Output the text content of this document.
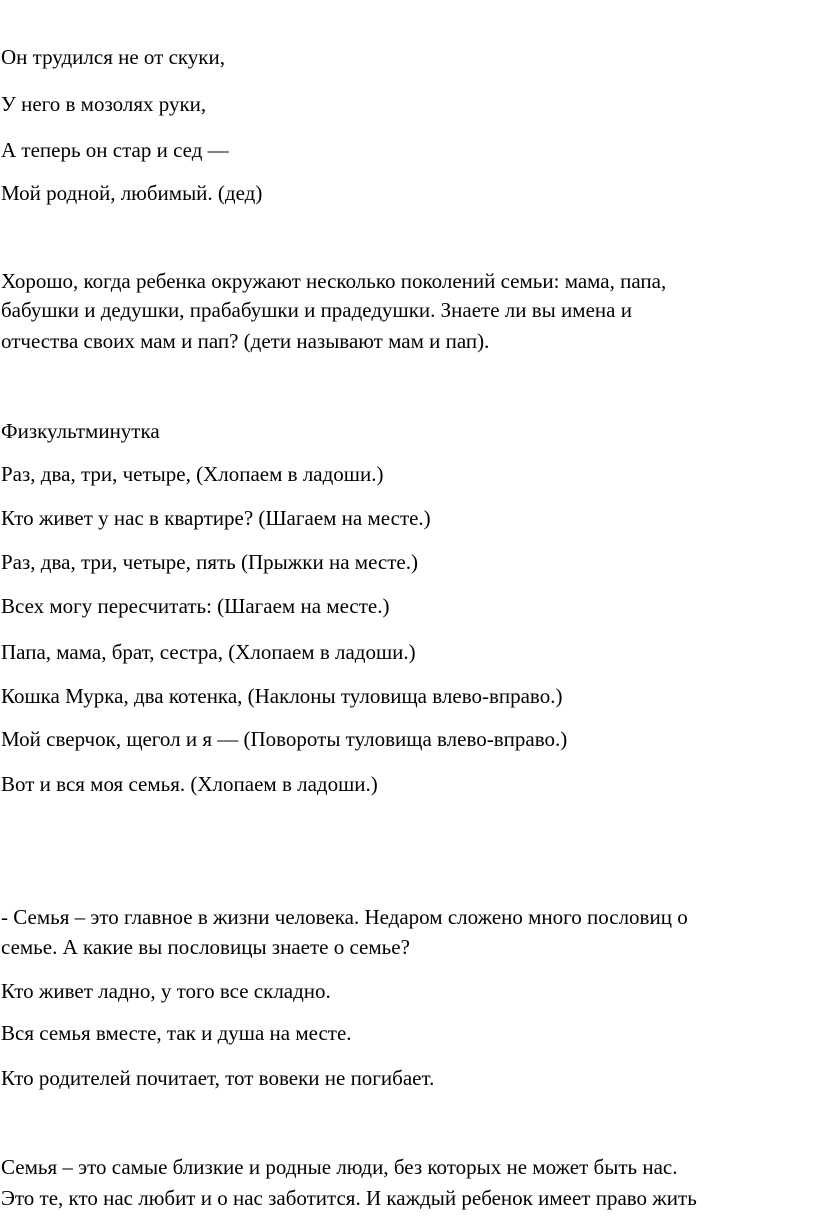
Он трудился не от скуки,

У него в мозолях руки,

А теперь он стар и сед —

Мой родной, любимый. (дед)

Хорошо, когда ребенка окружают несколько поколений семьи: мама, папа,

бабушки и дедушки, прабабушки и прадедушки. Знаете ли вы имена и

отчества своих мам и пап? (дети называют мам и пап).

Физкультминутка

Раз, два, три, четыре, (Хлопаем в ладоши.)

Кто живет у нас в квартире? (Шагаем на месте.)

Раз, два, три, четыре, пять (Прыжки на месте.)

Всех могу пересчитать: (Шагаем на месте.)

Папа, мама, брат, сестра, (Хлопаем в ладоши.)

Кошка Мурка, два котенка, (Наклоны туловища влево-вправо.)

Мой сверчок, щегол и я — (Повороты туловища влево-вправо.)

Вот и вся моя семья. (Хлопаем в ладоши.)

- Семья – это главное в жизни человека. Недаром сложено много пословиц о

семье. А какие вы пословицы знаете о семье?

Кто живет ладно, у того все складно.

Вся семья вместе, так и душа на месте.

Кто родителей почитает, тот вовеки не погибает.

Семья – это самые близкие и родные люди, без которых не может быть нас.

Это те, кто нас любит и о нас заботится. И каждый ребенок имеет право жить
